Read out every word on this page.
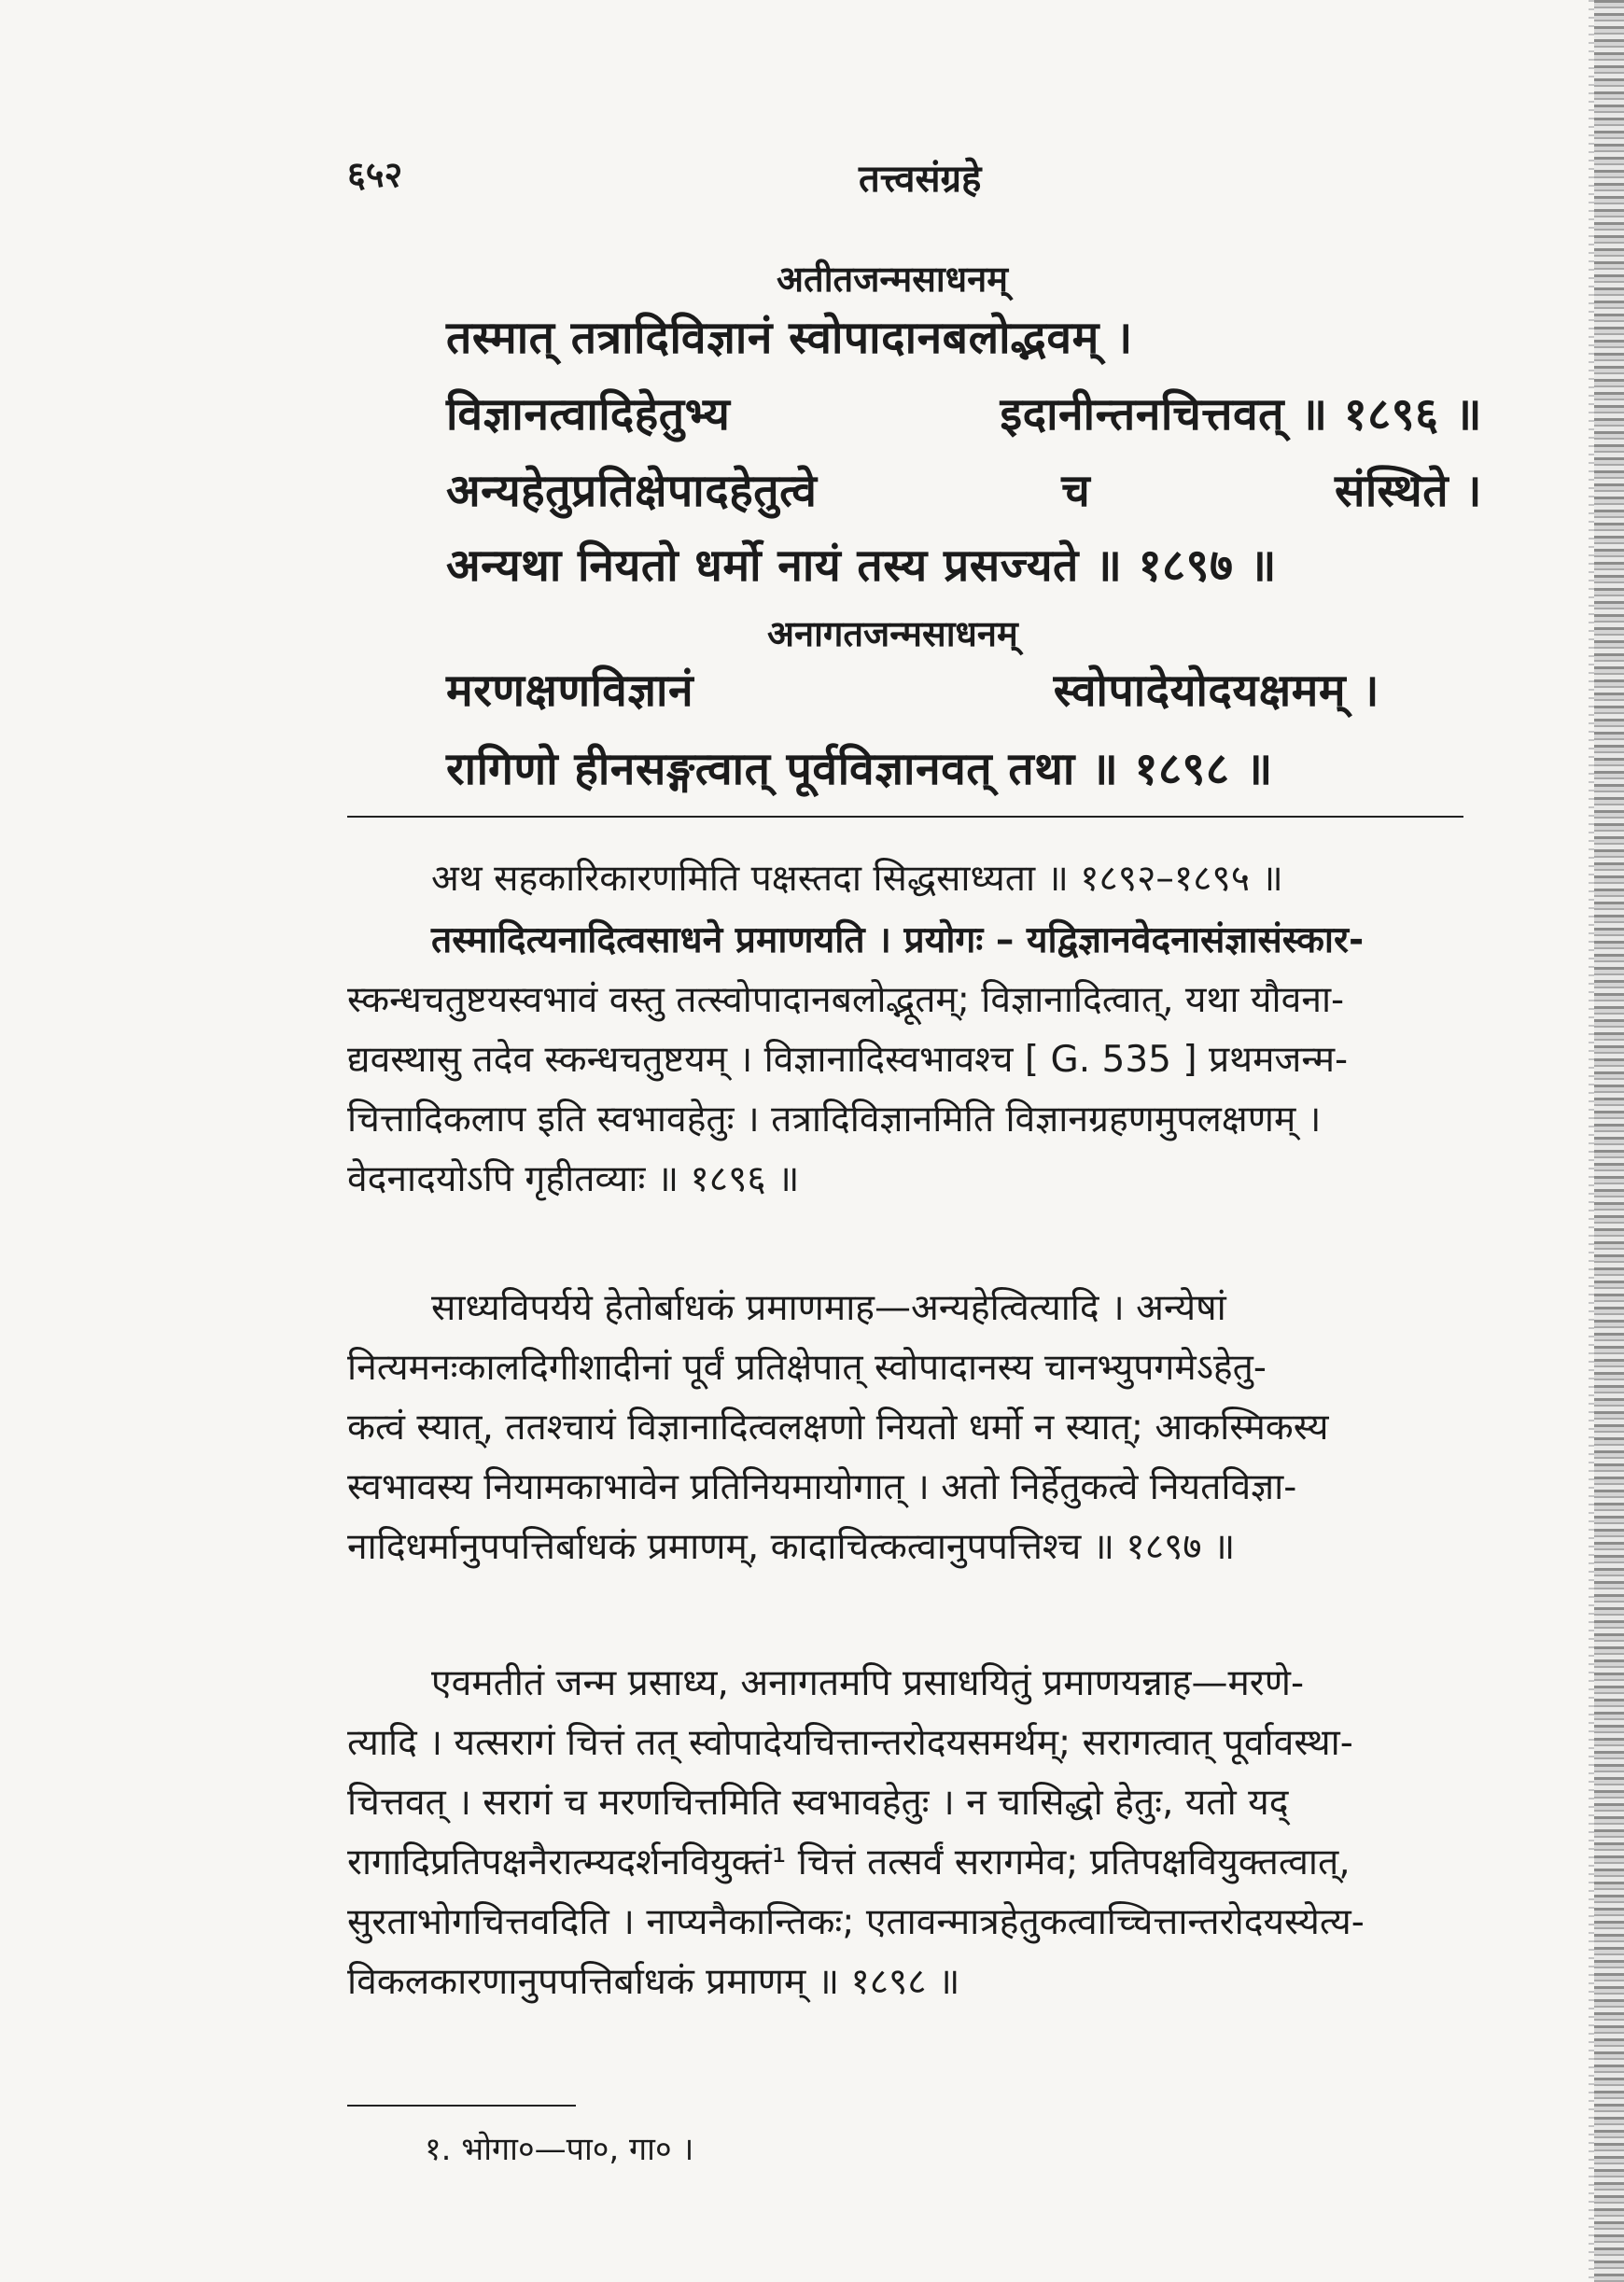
६५२	तत्त्वसंग्रहे
अतीतजन्मसाधनम्
तस्मात् तत्रादिविज्ञानं स्वोपादानबलोद्भवम् ।
विज्ञानत्वादिहेतुभ्य	इदानीन्तनचित्तवत् ॥ १८९६ ॥
अन्यहेतुप्रतिक्षेपादहेतुत्वे	च	संस्थिते ।
अन्यथा नियतो धर्मो नायं तस्य प्रसज्यते ॥ १८९७ ॥
अनागतजन्मसाधनम्
मरणक्षणविज्ञानं	स्वोपादेयोदयक्षमम् ।
रागिणो हीनसङ्गत्वात् पूर्वविज्ञानवत् तथा ॥ १८९८ ॥
अथ सहकारिकारणमिति पक्षस्तदा सिद्धसाध्यता ॥ १८९२–१८९५ ॥
तस्मादित्यनादित्वसाधने प्रमाणयति । प्रयोगः – यद्विज्ञानवेदनासंज्ञासंस्कार-
स्कन्धचतुष्टयस्वभावं वस्तु तत्स्वोपादानबलोद्भूतम्; विज्ञानादित्वात्, यथा यौवना-
द्यवस्थासु तदेव स्कन्धचतुष्टयम् । विज्ञानादिस्वभावश्च [ G. 535 ] प्रथमजन्म-
चित्तादिकलाप इति स्वभावहेतुः । तत्रादिविज्ञानमिति विज्ञानग्रहणमुपलक्षणम् ।
वेदनादयोऽपि गृहीतव्याः ॥ १८९६ ॥
साध्यविपर्यये हेतोर्बाधकं प्रमाणमाह—अन्यहेत्वित्यादि । अन्येषां
नित्यमनःकालदिगीशादीनां पूर्वं प्रतिक्षेपात् स्वोपादानस्य चानभ्युपगमेऽहेतु-
कत्वं स्यात्, ततश्चायं विज्ञानादित्वलक्षणो नियतो धर्मो न स्यात्; आकस्मिकस्य
स्वभावस्य नियामकाभावेन प्रतिनियमायोगात् । अतो निर्हेतुकत्वे नियतविज्ञा-
नादिधर्मानुपपत्तिर्बाधकं प्रमाणम्, कादाचित्कत्वानुपपत्तिश्च ॥ १८९७ ॥
एवमतीतं जन्म प्रसाध्य, अनागतमपि प्रसाधयितुं प्रमाणयन्नाह—मरणे-
त्यादि । यत्सरागं चित्तं तत् स्वोपादेयचित्तान्तरोदयसमर्थम्; सरागत्वात् पूर्वावस्था-
चित्तवत् । सरागं च मरणचित्तमिति स्वभावहेतुः । न चासिद्धो हेतुः, यतो यद्
रागादिप्रतिपक्षनैरात्म्यदर्शनवियुक्तं¹ चित्तं तत्सर्वं सरागमेव; प्रतिपक्षवियुक्तत्वात्,
सुरताभोगचित्तवदिति । नाप्यनैकान्तिकः; एतावन्मात्रहेतुकत्वाच्चित्तान्तरोदयस्येत्य-
विकलकारणानुपपत्तिर्बाधकं प्रमाणम् ॥ १८९८ ॥
१. भोगा०—पा०, गा० ।
